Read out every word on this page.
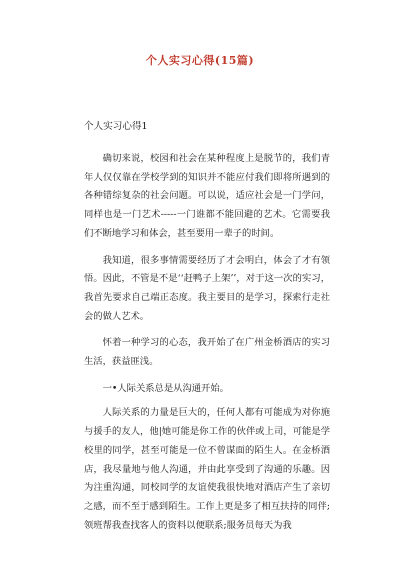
个人实习心得(15篇)
个人实习心得1

确切来说，校园和社会在某种程度上是脱节的，我们青年人仅仅靠在学校学到的知识并不能应付我们即将所遇到的各种错综复杂的社会问题。可以说，适应社会是一门学问，同样也是一门艺术-----一门谁都不能回避的艺术。它需要我们不断地学习和体会，甚至要用一辈子的时间。

我知道，很多事情需要经历了才会明白，体会了才有领悟。因此，不管是不是‘‘赶鸭子上架’’，对于这一次的实习，我首先要求自己端正态度。我主要目的是学习，探索行走社会的做人艺术。

怀着一种学习的心态，我开始了在广州金桥酒店的实习生活，获益匪浅。

一•人际关系总是从沟通开始。

人际关系的力量是巨大的，任何人都有可能成为对你施与援手的友人，他|她可能是你工作的伙伴或上司，可能是学校里的同学，甚至可能是一位不曾谋面的陌生人。在金桥酒店，我尽量地与他人沟通，并由此享受到了沟通的乐趣。因为注重沟通，同校同学的友谊使我很快地对酒店产生了亲切之感，而不至于感到陌生。工作上更是多了相互扶持的同伴;领班帮我查找客人的资料以便联系;服务员每天为我
